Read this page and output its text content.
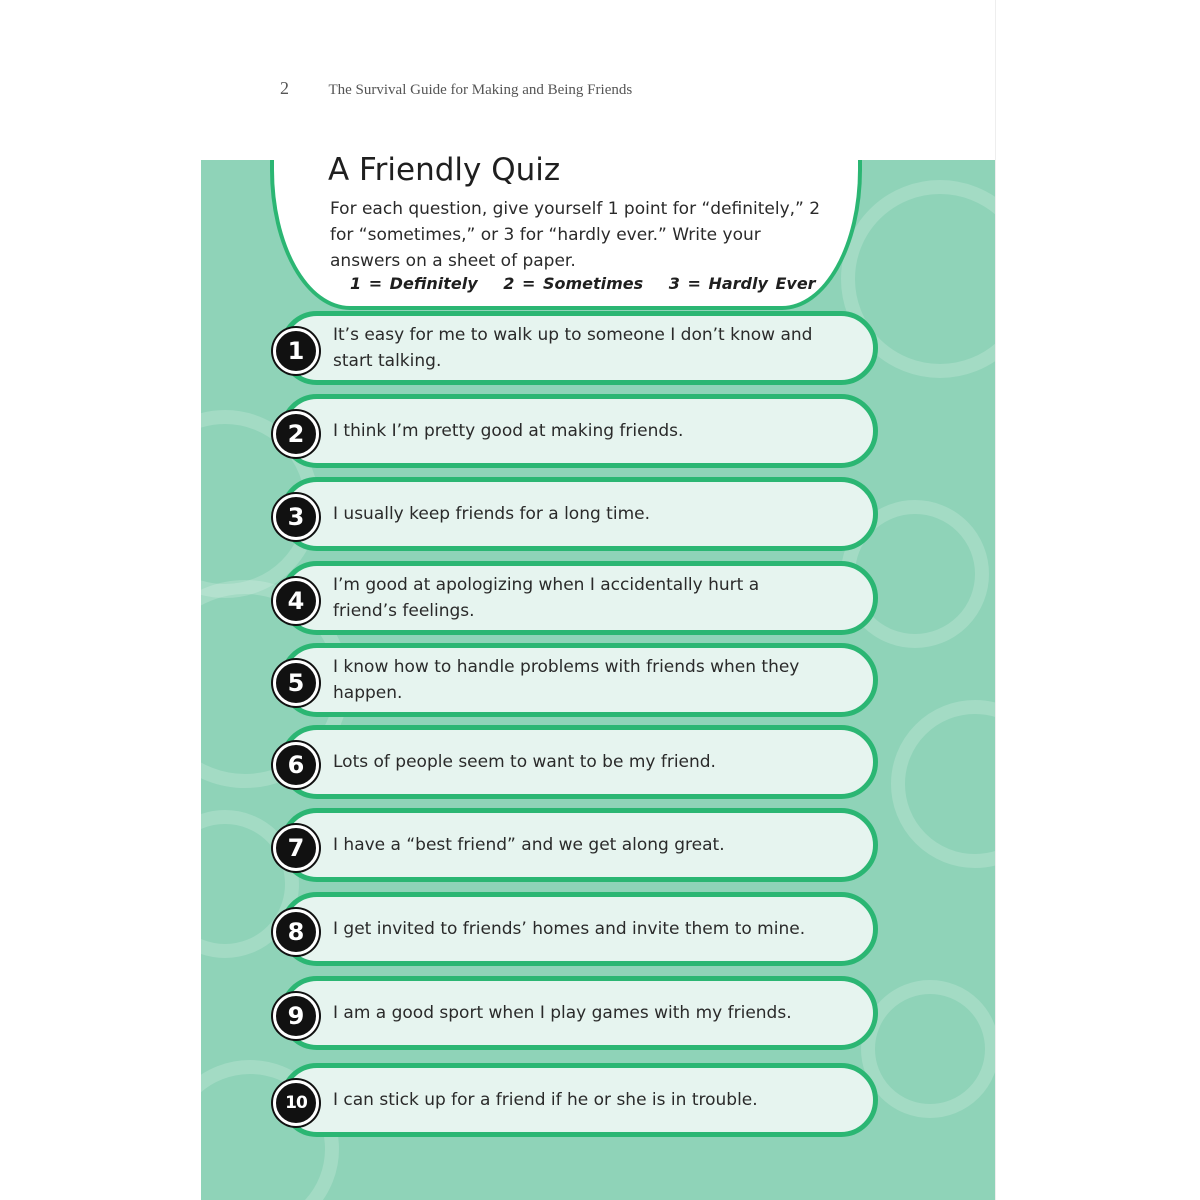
2	The Survival Guide for Making and Being Friends
A Friendly Quiz
For each question, give yourself 1 point for “definitely,” 2 for “sometimes,” or 3 for “hardly ever.” Write your answers on a sheet of paper.
1 = Definitely 2 = Sometimes 3 = Hardly Ever
1
It’s easy for me to walk up to someone I don’t know and start talking.
2	I think I’m pretty good at making friends.
3	I usually keep friends for a long time.
4
I’m good at apologizing when I accidentally hurt a friend’s feelings.
5
I know how to handle problems with friends when they happen.
6	Lots of people seem to want to be my friend.
7	I have a “best friend” and we get along great.
8	I get invited to friends’ homes and invite them to mine.
9	I am a good sport when I play games with my friends.
10	I can stick up for a friend if he or she is in trouble.
